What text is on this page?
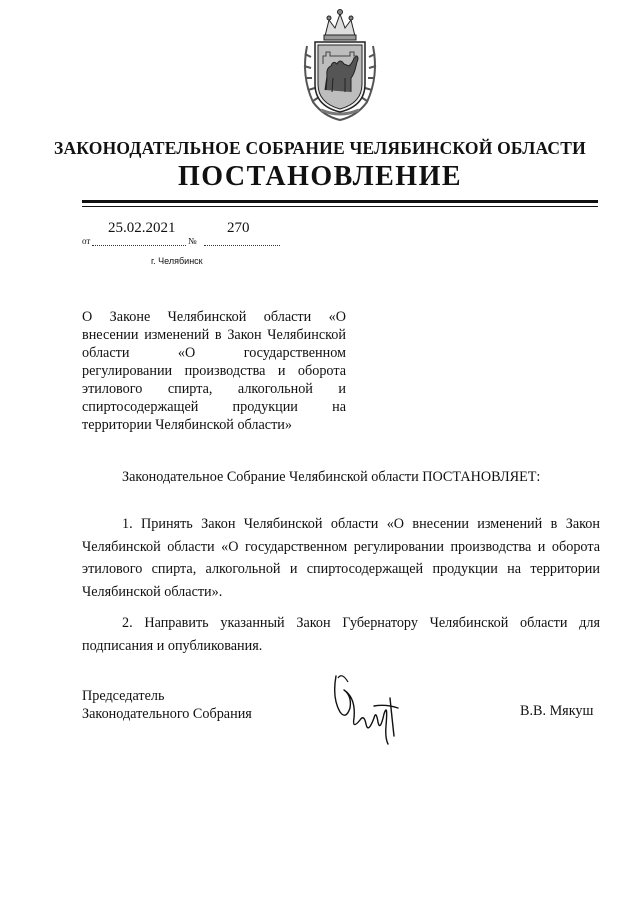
ЗАКОНОДАТЕЛЬНОЕ СОБРАНИЕ ЧЕЛЯБИНСКОЙ ОБЛАСТИ
ПОСТАНОВЛЕНИЕ
25.02.2021	270
от	№
г. Челябинск
О Законе Челябинской области «О внесении изменений в Закон Челябинской области «О государственном регулировании производства и оборота этилового спирта, алкогольной и спиртосодержащей продукции на территории Челябинской области»
Законодательное Собрание Челябинской области ПОСТАНОВЛЯЕТ:
1. Принять Закон Челябинской области «О внесении изменений в Закон Челябинской области «О государственном регулировании производства и оборота этилового спирта, алкогольной и спиртосодержащей продукции на территории Челябинской области».
2. Направить указанный Закон Губернатору Челябинской области для подписания и опубликования.
Председатель
Законодательного Собрания	В.В. Мякуш
